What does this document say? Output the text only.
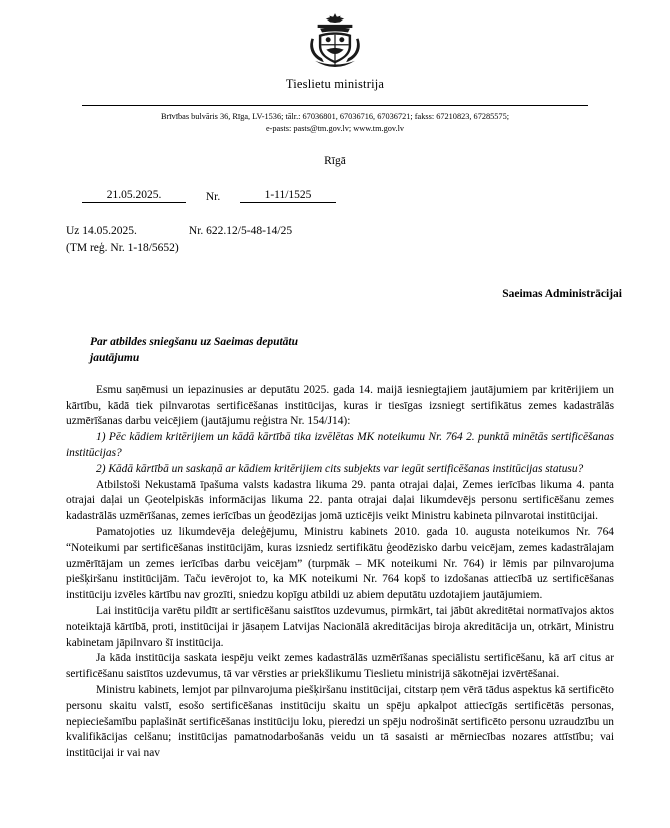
Tieslietu ministrija
Brīvības bulvāris 36, Rīga, LV-1536; tālr.: 67036801, 67036716, 67036721; fakss: 67210823, 67285575;
e-pasts: pasts@tm.gov.lv; www.tm.gov.lv
Rīgā
21.05.2025.	Nr.	1-11/1525
Uz 14.05.2025.	Nr. 622.12/5-48-14/25
(TM reģ. Nr. 1-18/5652)
Saeimas Administrācijai
Par atbildes sniegšanu uz Saeimas deputātu
jautājumu

Esmu saņēmusi un iepazinusies ar deputātu 2025. gada 14. maijā iesniegtajiem jautājumiem par kritērijiem un kārtību, kādā tiek pilnvarotas sertificēšanas institūcijas, kuras ir tiesīgas izsniegt sertifikātus zemes kadastrālās uzmērīšanas darbu veicējiem (jautājumu reģistra Nr. 154/J14):

1) Pēc kādiem kritērijiem un kādā kārtībā tika izvēlētas MK noteikumu Nr. 764 2. punktā minētās sertificēšanas institūcijas?

2) Kādā kārtībā un saskaņā ar kādiem kritērijiem cits subjekts var iegūt sertificēšanas institūcijas statusu?

Atbilstoši Nekustamā īpašuma valsts kadastra likuma 29. panta otrajai daļai, Zemes ierīcības likuma 4. panta otrajai daļai un Ģeotelpiskās informācijas likuma 22. panta otrajai daļai likumdevējs personu sertificēšanu zemes kadastrālās uzmērīšanas, zemes ierīcības un ģeodēzijas jomā uzticējis veikt Ministru kabineta pilnvarotai institūcijai.

Pamatojoties uz likumdevēja deleģējumu, Ministru kabinets 2010. gada 10. augusta noteikumos Nr. 764 “Noteikumi par sertificēšanas institūcijām, kuras izsniedz sertifikātu ģeodēzisko darbu veicējam, zemes kadastrālajam uzmērītājam un zemes ierīcības darbu veicējam” (turpmāk – MK noteikumi Nr. 764) ir lēmis par pilnvarojuma piešķiršanu institūcijām. Taču ievērojot to, ka MK noteikumi Nr. 764 kopš to izdošanas attiecībā uz sertificēšanas institūciju izvēles kārtību nav grozīti, sniedzu kopīgu atbildi uz abiem deputātu uzdotajiem jautājumiem.

Lai institūcija varētu pildīt ar sertificēšanu saistītos uzdevumus, pirmkārt, tai jābūt akreditētai normatīvajos aktos noteiktajā kārtībā, proti, institūcijai ir jāsaņem Latvijas Nacionālā akreditācijas biroja akreditācija un, otrkārt, Ministru kabinetam jāpilnvaro šī institūcija.

Ja kāda institūcija saskata iespēju veikt zemes kadastrālās uzmērīšanas speciālistu sertificēšanu, kā arī citus ar sertificēšanu saistītos uzdevumus, tā var vērsties ar priekšlikumu Tieslietu ministrijā sākotnējai izvērtēšanai.

Ministru kabinets, lemjot par pilnvarojuma piešķiršanu institūcijai, citstarp ņem vērā tādus aspektus kā sertificēto personu skaitu valstī, esošo sertificēšanas institūciju skaitu un spēju apkalpot attiecīgās sertificētās personas, nepieciešamību paplašināt sertificēšanas institūciju loku, pieredzi un spēju nodrošināt sertificēto personu uzraudzību un kvalifikācijas celšanu; institūcijas pamatnodarbošanās veidu un tā sasaisti ar mērniecības nozares attīstību; vai institūcijai ir vai nav
